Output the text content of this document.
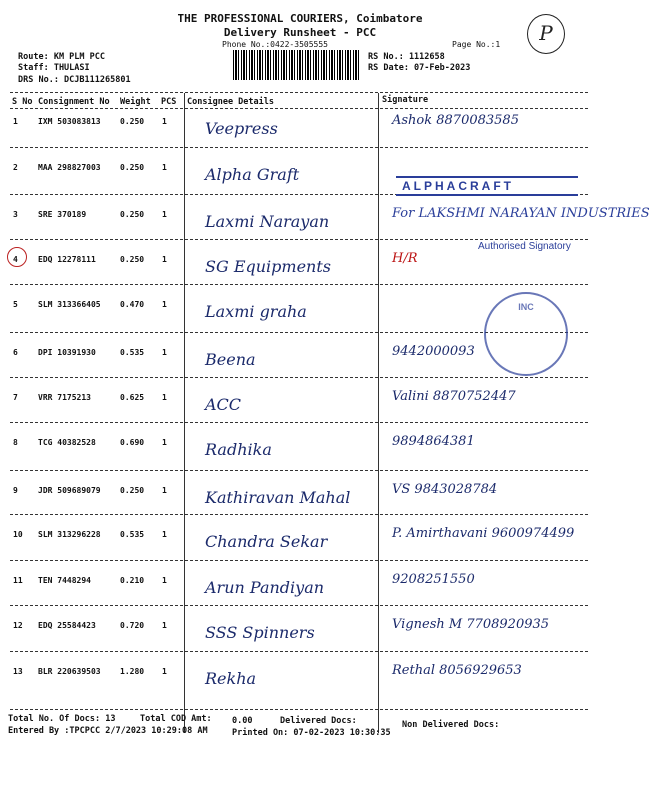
THE PROFESSIONAL COURIERS, Coimbatore
Delivery Runsheet - PCC
Phone No.:0422-3505555	Page No.:1	P
Route: KM PLM PCC
Staff: THULASI
DRS No.: DCJB111265801
RS No.: 1112658
RS Date: 07-Feb-2023
S No Consignment No Weight PCS Consignee Details	Signature
1	IXM 503083813 0.250 1 Veepress	Ashok 8870083585
2	MAA 298827003 0.250 1 Alpha Graft
3	SRE 370189	0.250 1 Laxmi Narayan	For LAKSHMI NARAYAN INDUSTRIES
4	EDQ 12278111	0.250 1 SG Equipments	H/R
5	SLM 313366405 0.470 1 Laxmi graha
6	DPI 10391930	0.535 1 Beena	9442000093
7	VRR 7175213	0.625 1 ACC	Valini 8870752447
8	TCG 40382528	0.690 1 Radhika	9894864381
9	JDR 509689079 0.250 1 Kathiravan Mahal	VS 9843028784
10 SLM 313296228 0.535 1 Chandra Sekar	P. Amirthavani 9600974499
11 TEN 7448294	0.210 1 Arun Pandiyan	9208251550
12 EDQ 25584423	0.720 1 SSS Spinners	Vignesh M 7708920935
13 BLR 220639503 1.280 1 Rekha	Rethal 8056929653
ALPHACRAFT
Authorised Signatory
INC
Total No. Of Docs: 13	Total COD Amt: 0.00	Delivered Docs:	Non Delivered Docs:
Entered By :TPCPCC 2/7/2023 10:29:08 AM	Printed On: 07-02-2023 10:30:35
